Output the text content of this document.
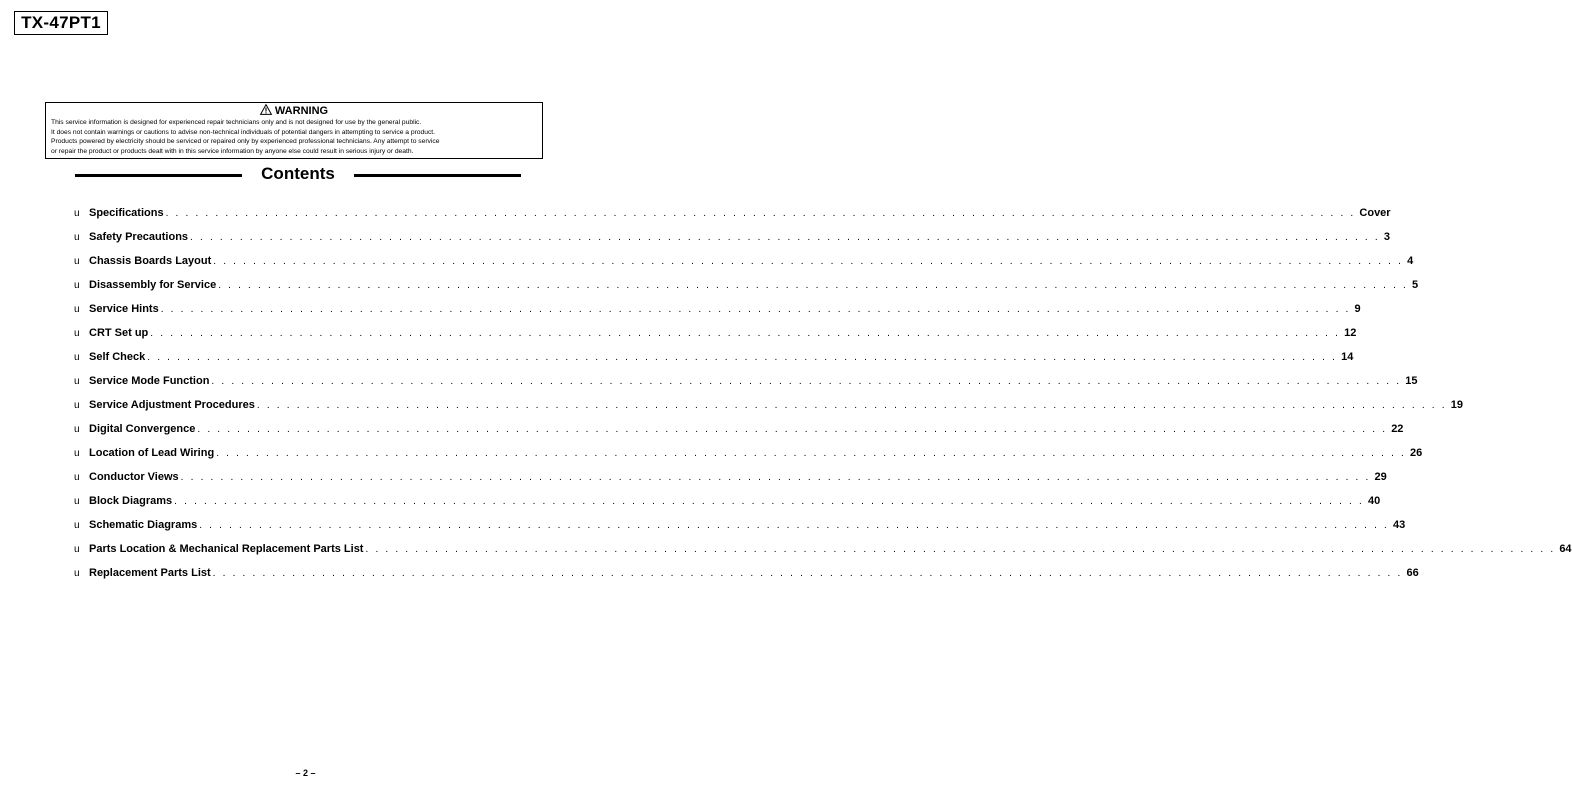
TX-47PT1
WARNING
This service information is designed for experienced repair technicians only and is not designed for use by the general public.
It does not contain warnings or cautions to advise non-technical individuals of potential dangers in attempting to service a product.
Products powered by electricity should be serviced or repaired only by experienced professional technicians. Any attempt to service
or repair the product or products dealt with in this service information by anyone else could result in serious injury or death.
Contents
u Specifications . . . . . . . . . . . . . . . . . . . . . . . . . . . . . . . . . . . . . . . . . . . . . . . . . . . . . . . . . . . . . . . . . . . . . . . . . . . . . . . . . . . . . . . . . . . . . . . . . . . . . . . . . . . . . . . . . . . . . . . . Cover
u Safety Precautions . . . . . . . . . . . . . . . . . . . . . . . . . . . . . . . . . . . . . . . . . . . . . . . . . . . . . . . . . . . . . . . . . . . . . . . . . . . . . . . . . . . . . . . . . . . . . . . . . . . . . . . . . . . . . . . . . . . . . . . . 3
u Chassis Boards Layout . . . . . . . . . . . . . . . . . . . . . . . . . . . . . . . . . . . . . . . . . . . . . . . . . . . . . . . . . . . . . . . . . . . . . . . . . . . . . . . . . . . . . . . . . . . . . . . . . . . . . . . . . . . . . . . . . . . . . . . . 4
u Disassembly for Service . . . . . . . . . . . . . . . . . . . . . . . . . . . . . . . . . . . . . . . . . . . . . . . . . . . . . . . . . . . . . . . . . . . . . . . . . . . . . . . . . . . . . . . . . . . . . . . . . . . . . . . . . . . . . . . . . . . . . . . . 5
u Service Hints . . . . . . . . . . . . . . . . . . . . . . . . . . . . . . . . . . . . . . . . . . . . . . . . . . . . . . . . . . . . . . . . . . . . . . . . . . . . . . . . . . . . . . . . . . . . . . . . . . . . . . . . . . . . . . . . . . . . . . . . 9
u CRT Set up . . . . . . . . . . . . . . . . . . . . . . . . . . . . . . . . . . . . . . . . . . . . . . . . . . . . . . . . . . . . . . . . . . . . . . . . . . . . . . . . . . . . . . . . . . . . . . . . . . . . . . . . . . . . . . . . . . . . . . . . 12
u Self Check . . . . . . . . . . . . . . . . . . . . . . . . . . . . . . . . . . . . . . . . . . . . . . . . . . . . . . . . . . . . . . . . . . . . . . . . . . . . . . . . . . . . . . . . . . . . . . . . . . . . . . . . . . . . . . . . . . . . . . . . 14
u Service Mode Function . . . . . . . . . . . . . . . . . . . . . . . . . . . . . . . . . . . . . . . . . . . . . . . . . . . . . . . . . . . . . . . . . . . . . . . . . . . . . . . . . . . . . . . . . . . . . . . . . . . . . . . . . . . . . . . . . . . . . . . . 15
u Service Adjustment Procedures . . . . . . . . . . . . . . . . . . . . . . . . . . . . . . . . . . . . . . . . . . . . . . . . . . . . . . . . . . . . . . . . . . . . . . . . . . . . . . . . . . . . . . . . . . . . . . . . . . . . . . . . . . . . . . . . . . . . . . . . 19
u Digital Convergence . . . . . . . . . . . . . . . . . . . . . . . . . . . . . . . . . . . . . . . . . . . . . . . . . . . . . . . . . . . . . . . . . . . . . . . . . . . . . . . . . . . . . . . . . . . . . . . . . . . . . . . . . . . . . . . . . . . . . . . . 22
u Location of Lead Wiring . . . . . . . . . . . . . . . . . . . . . . . . . . . . . . . . . . . . . . . . . . . . . . . . . . . . . . . . . . . . . . . . . . . . . . . . . . . . . . . . . . . . . . . . . . . . . . . . . . . . . . . . . . . . . . . . . . . . . . . . 26
u Conductor Views . . . . . . . . . . . . . . . . . . . . . . . . . . . . . . . . . . . . . . . . . . . . . . . . . . . . . . . . . . . . . . . . . . . . . . . . . . . . . . . . . . . . . . . . . . . . . . . . . . . . . . . . . . . . . . . . . . . . . . . . 29
u Block Diagrams . . . . . . . . . . . . . . . . . . . . . . . . . . . . . . . . . . . . . . . . . . . . . . . . . . . . . . . . . . . . . . . . . . . . . . . . . . . . . . . . . . . . . . . . . . . . . . . . . . . . . . . . . . . . . . . . . . . . . . . . 40
u Schematic Diagrams . . . . . . . . . . . . . . . . . . . . . . . . . . . . . . . . . . . . . . . . . . . . . . . . . . . . . . . . . . . . . . . . . . . . . . . . . . . . . . . . . . . . . . . . . . . . . . . . . . . . . . . . . . . . . . . . . . . . . . . . 43
u Parts Location & Mechanical Replacement Parts List . . . . . . . . . . . . . . . . . . . . . . . . . . . . . . . . . . . . . . . . . . . . . . . . . . . . . . . . . . . . . . . . . . . . . . . . . . . . . . . . . . . . . . . . . . . . . . . . . . . . . . . . . . . . . . . . . . . . . . . . 64
u Replacement Parts List . . . . . . . . . . . . . . . . . . . . . . . . . . . . . . . . . . . . . . . . . . . . . . . . . . . . . . . . . . . . . . . . . . . . . . . . . . . . . . . . . . . . . . . . . . . . . . . . . . . . . . . . . . . . . . . . . . . . . . . . 66
– 2 –
